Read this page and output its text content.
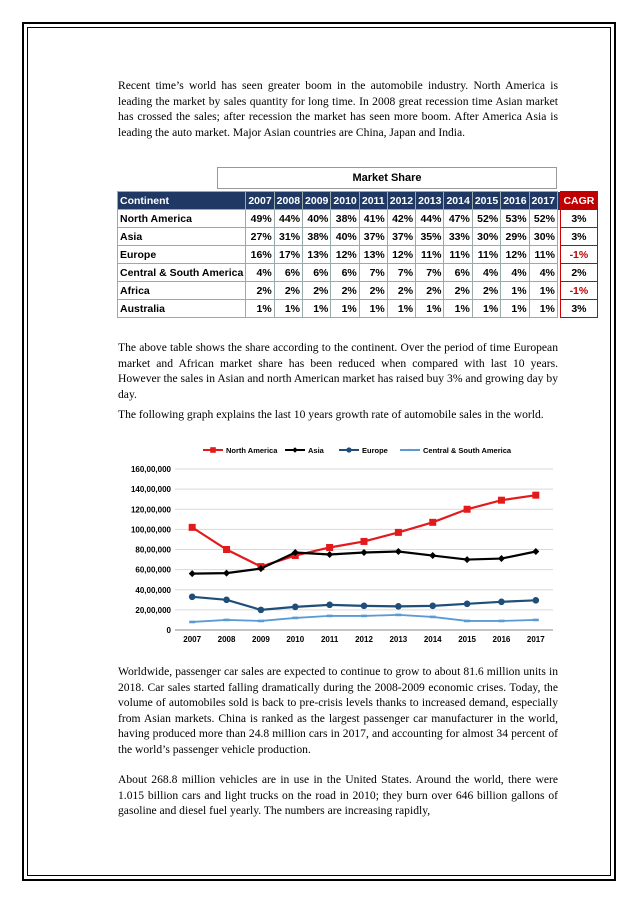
Recent time’s world has seen greater boom in the automobile industry. North America is leading the market by sales quantity for long time. In 2008 great recession time Asian market has crossed the sales; after recession the market has seen more boom. After America Asia is leading the auto market. Major Asian countries are China, Japan and India.

The above table shows the share according to the continent. Over the period of time European market and African market share has been reduced when compared with last 10 years. However the sales in Asian and north American market has raised buy 3% and growing day by day.

The following graph explains the last 10 years growth rate of automobile sales in the world.

Worldwide, passenger car sales are expected to continue to grow to about 81.6 million units in 2018. Car sales started falling dramatically during the 2008-2009 economic crises. Today, the volume of automobiles sold is back to pre-crisis levels thanks to increased demand, especially from Asian markets. China is ranked as the largest passenger car manufacturer in the world, having produced more than 24.8 million cars in 2017, and accounting for almost 34 percent of the world’s passenger vehicle production.

About 268.8 million vehicles are in use in the United States. Around the world, there were 1.015 billion cars and light trucks on the road in 2010; they burn over 646 billion gallons of gasoline and diesel fuel yearly. The numbers are increasing rapidly,

Market Share
Continent	2007	2008	2009	2010	2011	2012	2013	2014	2015	2016	2017		CAGR
North America	49%	44%	40%	38%	41%	42%	44%	47%	52%	53%	52%		3%
Asia	27%	31%	38%	40%	37%	37%	35%	33%	30%	29%	30%		3%
Europe	16%	17%	13%	12%	13%	12%	11%	11%	11%	12%	11%		-1%
Central & South America	4%	6%	6%	6%	7%	7%	7%	6%	4%	4%	4%		2%
Africa	2%	2%	2%	2%	2%	2%	2%	2%	2%	1%	1%		-1%
Australia	1%	1%	1%	1%	1%	1%	1%	1%	1%	1%	1%		3%
0
20,00,000
40,00,000
60,00,000
80,00,000
100,00,000
120,00,000
140,00,000
160,00,000
2007 2008 2009 2010 2011 2012 2013 2014 2015 2016 2017
North America	Asia	Europe	Central & South America
